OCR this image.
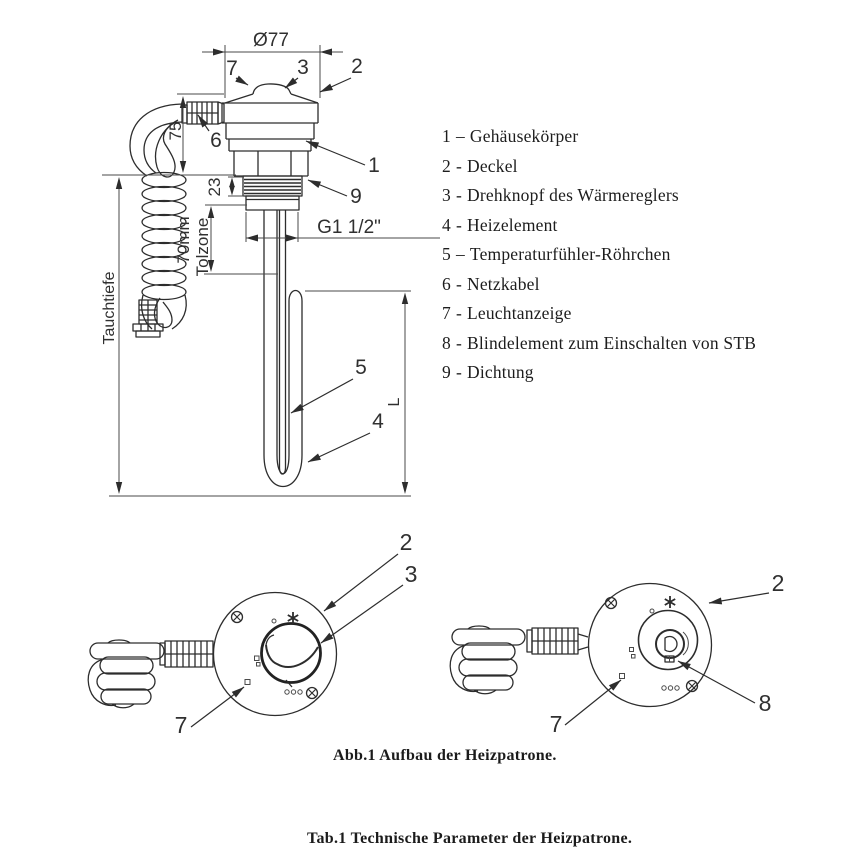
Ø77
75
Tauchtiefe
23
70mm Tolzone	G1 1/2"
L
7	3 2
6
1
9
5
4
2
3
7
2
8
7
1 – Gehäusekörper
2 - Deckel
3 - Drehknopf des Wärmereglers
4 - Heizelement
5 – Temperaturfühler-Röhrchen
6 - Netzkabel
7 - Leuchtanzeige
8 - Blindelement zum Einschalten von STB
9 - Dichtung
Abb.1 Aufbau der Heizpatrone.
Tab.1 Technische Parameter der Heizpatrone.
